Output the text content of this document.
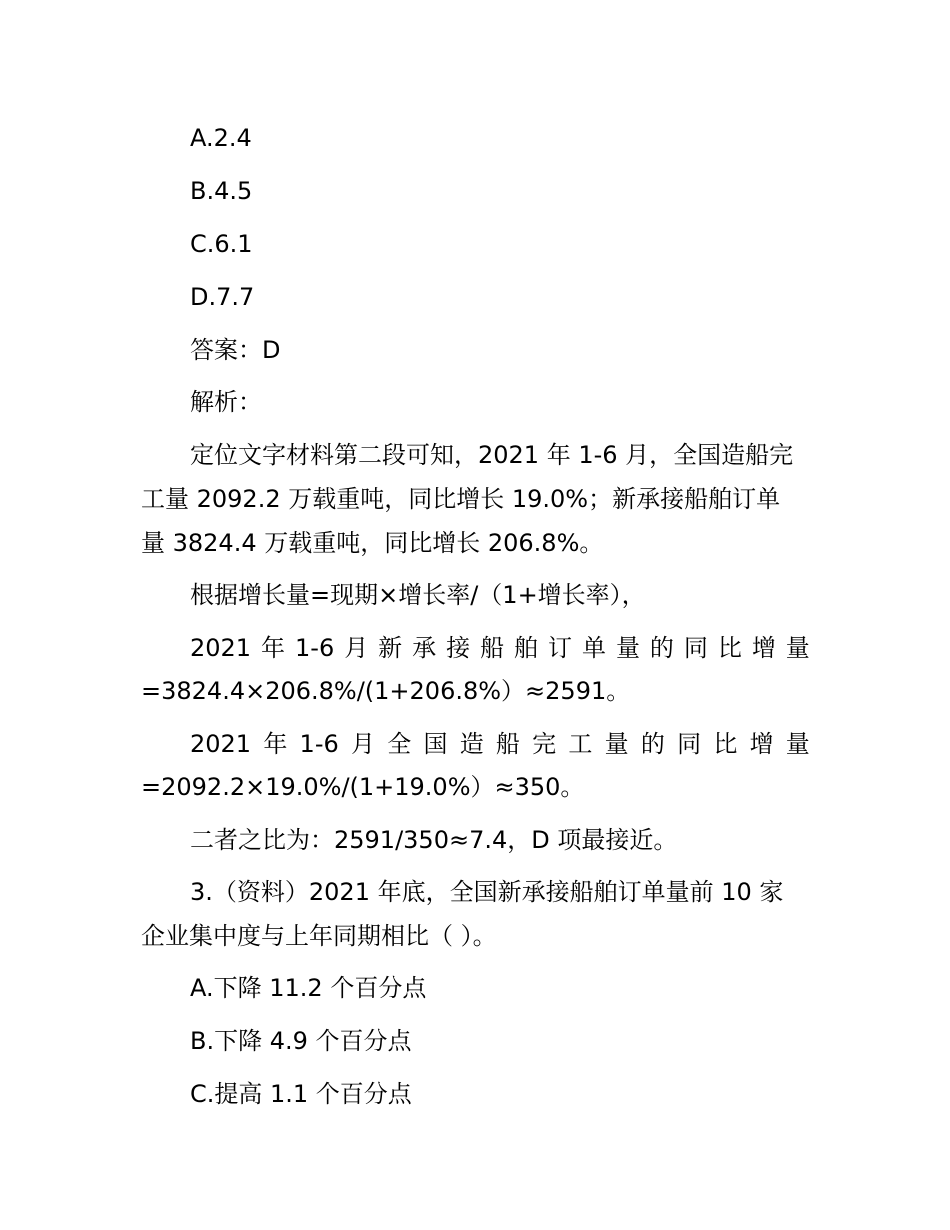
A.2.4
B.4.5
C.6.1
D.7.7
答案：D
解析：
定位文字材料第二段可知，2021 年 1-6 月，全国造船完
工量 2092.2 万载重吨，同比增长 19.0%；新承接船舶订单
量 3824.4 万载重吨，同比增长 206.8%。
根据增长量=现期×增长率/（1+增长率），
2021 年 1-6 月 新 承 接 船 舶 订 单 量 的 同 比 增 量
=3824.4×206.8%/(1+206.8%）≈2591。
2021 年 1-6 月 全 国 造 船 完 工 量 的 同 比 增 量
=2092.2×19.0%/(1+19.0%）≈350。
二者之比为：2591/350≈7.4，D 项最接近。
3.（资料）2021 年底，全国新承接船舶订单量前 10 家
企业集中度与上年同期相比（ ）。
A.下降 11.2 个百分点
B.下降 4.9 个百分点
C.提高 1.1 个百分点
